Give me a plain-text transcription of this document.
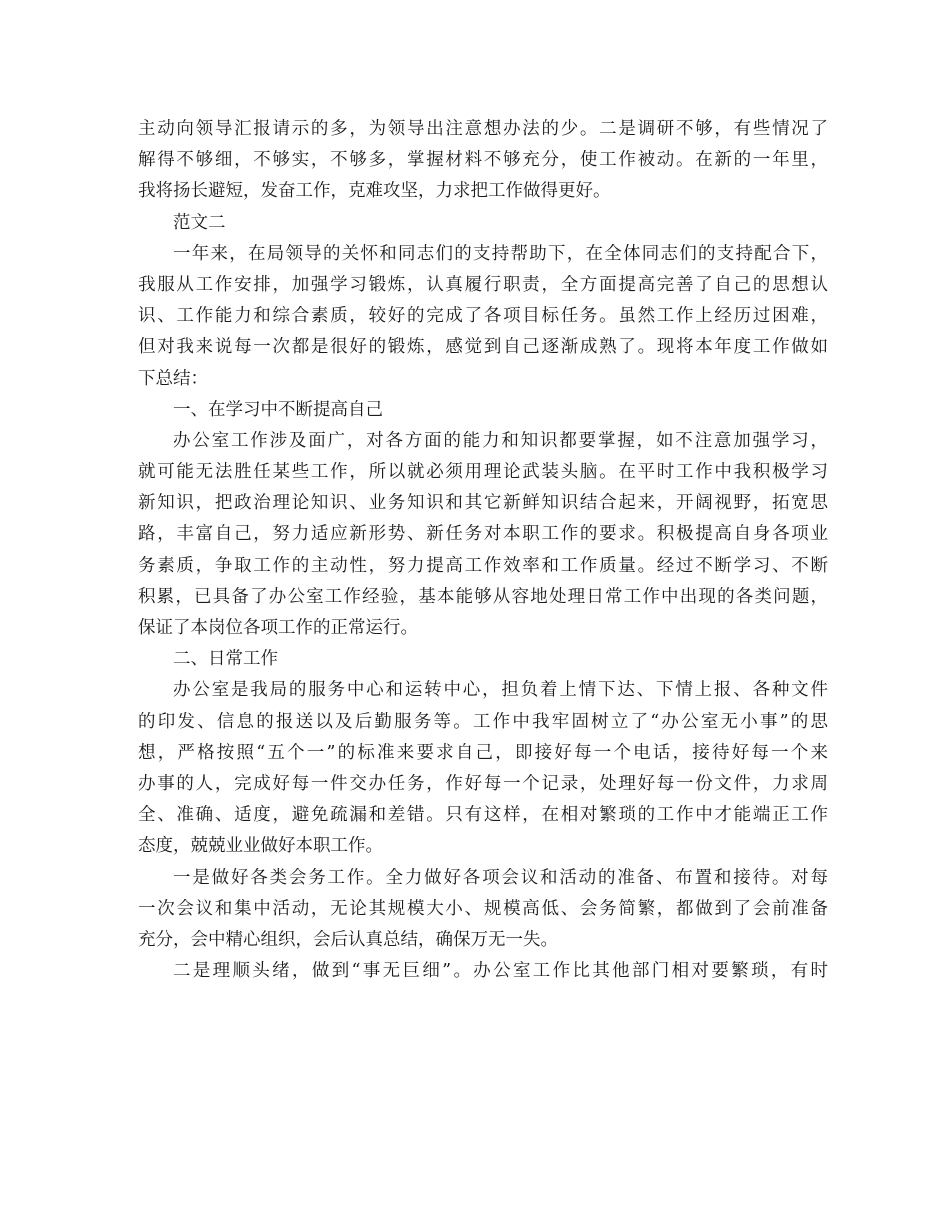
主动向领导汇报请示的多，为领导出注意想办法的少。二是调研不够，有些情况了
解得不够细，不够实，不够多，掌握材料不够充分，使工作被动。在新的一年里，
我将扬长避短，发奋工作，克难攻坚，力求把工作做得更好。
范文二
一年来，在局领导的关怀和同志们的支持帮助下，在全体同志们的支持配合下，
我服从工作安排，加强学习锻炼，认真履行职责，全方面提高完善了自己的思想认
识、工作能力和综合素质，较好的完成了各项目标任务。虽然工作上经历过困难，
但对我来说每一次都是很好的锻炼，感觉到自己逐渐成熟了。现将本年度工作做如
下总结：
一、在学习中不断提高自己
办公室工作涉及面广，对各方面的能力和知识都要掌握，如不注意加强学习，
就可能无法胜任某些工作，所以就必须用理论武装头脑。在平时工作中我积极学习
新知识，把政治理论知识、业务知识和其它新鲜知识结合起来，开阔视野，拓宽思
路，丰富自己，努力适应新形势、新任务对本职工作的要求。积极提高自身各项业
务素质，争取工作的主动性，努力提高工作效率和工作质量。经过不断学习、不断
积累，已具备了办公室工作经验，基本能够从容地处理日常工作中出现的各类问题，
保证了本岗位各项工作的正常运行。
二、日常工作
办公室是我局的服务中心和运转中心，担负着上情下达、下情上报、各种文件
的印发、信息的报送以及后勤服务等。工作中我牢固树立了“办公室无小事”的思
想，严格按照“五个一”的标准来要求自己，即接好每一个电话，接待好每一个来
办事的人，完成好每一件交办任务，作好每一个记录，处理好每一份文件，力求周
全、准确、适度，避免疏漏和差错。只有这样，在相对繁琐的工作中才能端正工作
态度，兢兢业业做好本职工作。
一是做好各类会务工作。全力做好各项会议和活动的准备、布置和接待。对每
一次会议和集中活动，无论其规模大小、规模高低、会务简繁，都做到了会前准备
充分，会中精心组织，会后认真总结，确保万无一失。
二是理顺头绪，做到“事无巨细”。办公室工作比其他部门相对要繁琐，有时
